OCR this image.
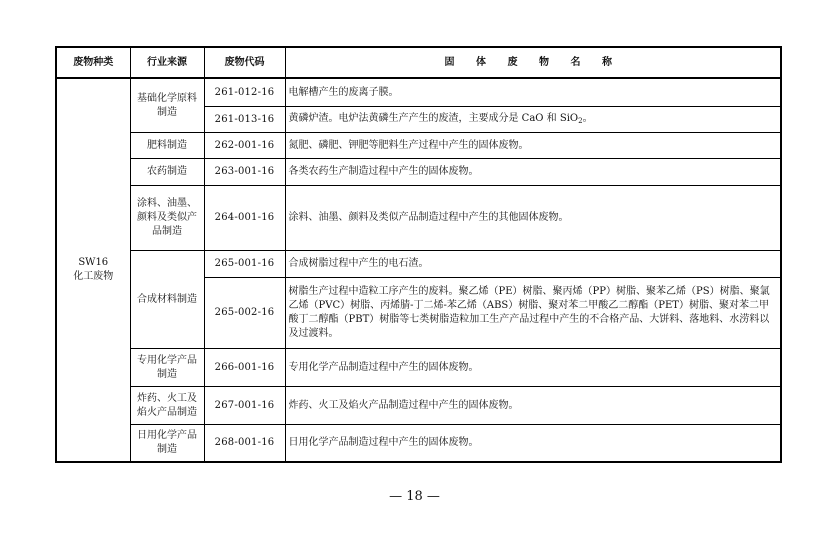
废物种类	行业来源	废物代码	固 体 废 物 名 称

SW16
化工废物	基础化学原料制造	261-012-16	电解槽产生的废离子膜。
		261-013-16	黄磷炉渣。电炉法黄磷生产产生的废渣，主要成分是 CaO 和 SiO$_2$。
	肥料制造	262-001-16	氮肥、磷肥、钾肥等肥料生产过程中产生的固体废物。
	农药制造	263-001-16	各类农药生产制造过程中产生的固体废物。
	涂料、油墨、颜料及类似产品制造	264-001-16	涂料、油墨、颜料及类似产品制造过程中产生的其他固体废物。
	合成材料制造	265-001-16	合成树脂过程中产生的电石渣。
		265-002-16	树脂生产过程中造粒工序产生的废料。聚乙烯（PE）树脂、聚丙烯（PP）树脂、聚苯乙烯（PS）树脂、聚氯乙烯（PVC）树脂、丙烯腈-丁二烯-苯乙烯（ABS）树脂、聚对苯二甲酸乙二醇酯（PET）树脂、聚对苯二甲酸丁二醇酯（PBT）树脂等七类树脂造粒加工生产产品过程中产生的不合格产品、大饼料、落地料、水涝料以及过渡料。
	专用化学产品制造	266-001-16	专用化学产品制造过程中产生的固体废物。
	炸药、火工及焰火产品制造	267-001-16	炸药、火工及焰火产品制造过程中产生的固体废物。
	日用化学产品制造	268-001-16	日用化学产品制造过程中产生的固体废物。
— 18 —
